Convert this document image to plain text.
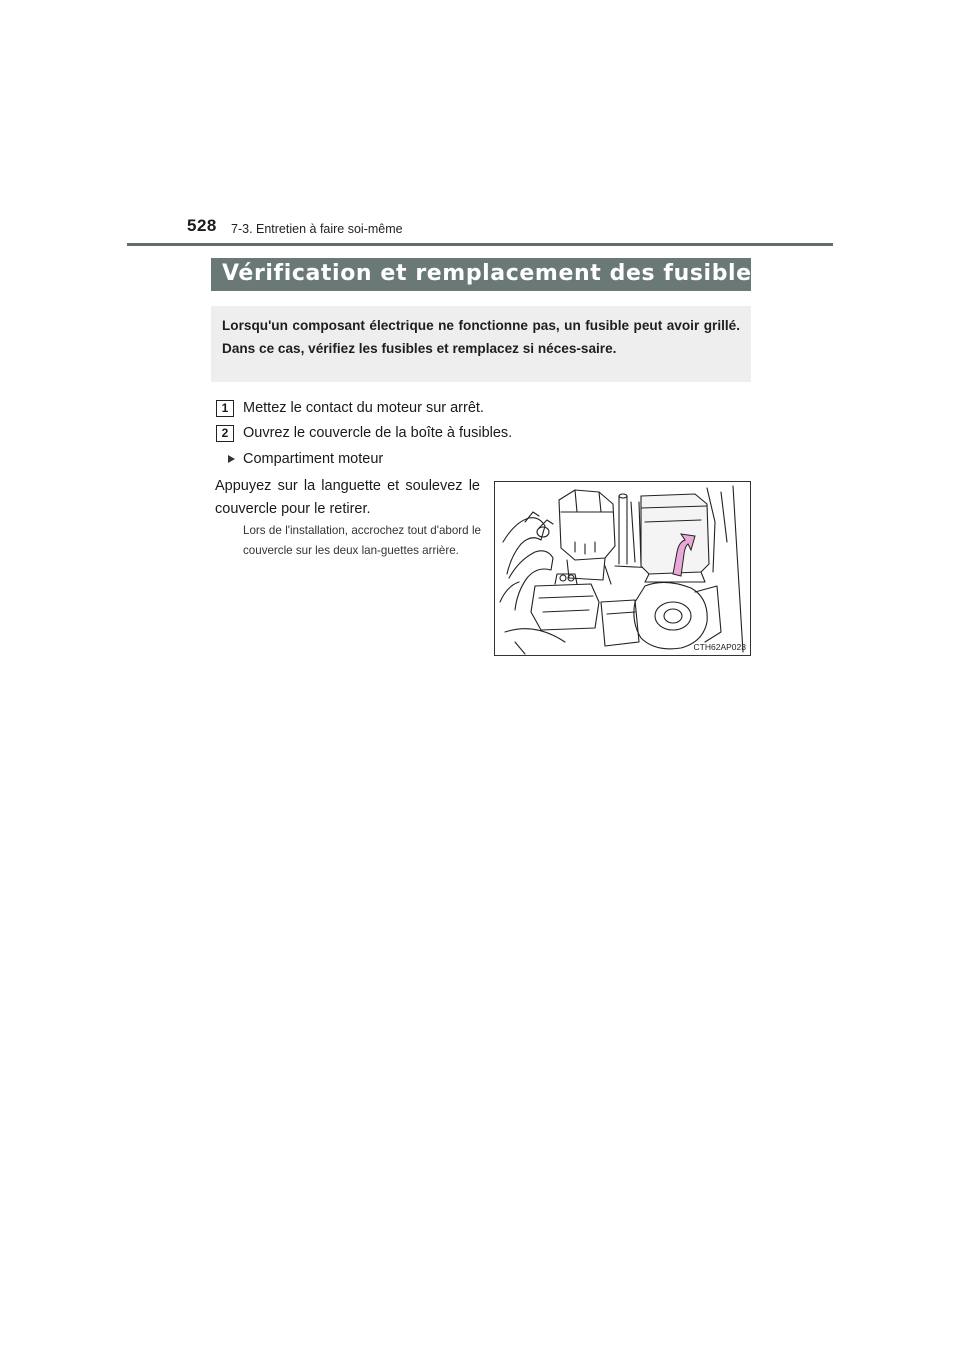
528 7-3. Entretien à faire soi-même
Vérification et remplacement des fusibles

Lorsqu'un composant électrique ne fonctionne pas, un fusible peut avoir grillé. Dans ce cas, vérifiez les fusibles et remplacez si néces-saire.

1	Mettez le contact du moteur sur arrêt.
2	Ouvrez le couvercle de la boîte à fusibles.
Compartiment moteur

Appuyez sur la languette et soulevez le couvercle pour le retirer.

Lors de l'installation, accrochez tout d'abord le couvercle sur les deux lan-guettes arrière.

CTH62AP023
